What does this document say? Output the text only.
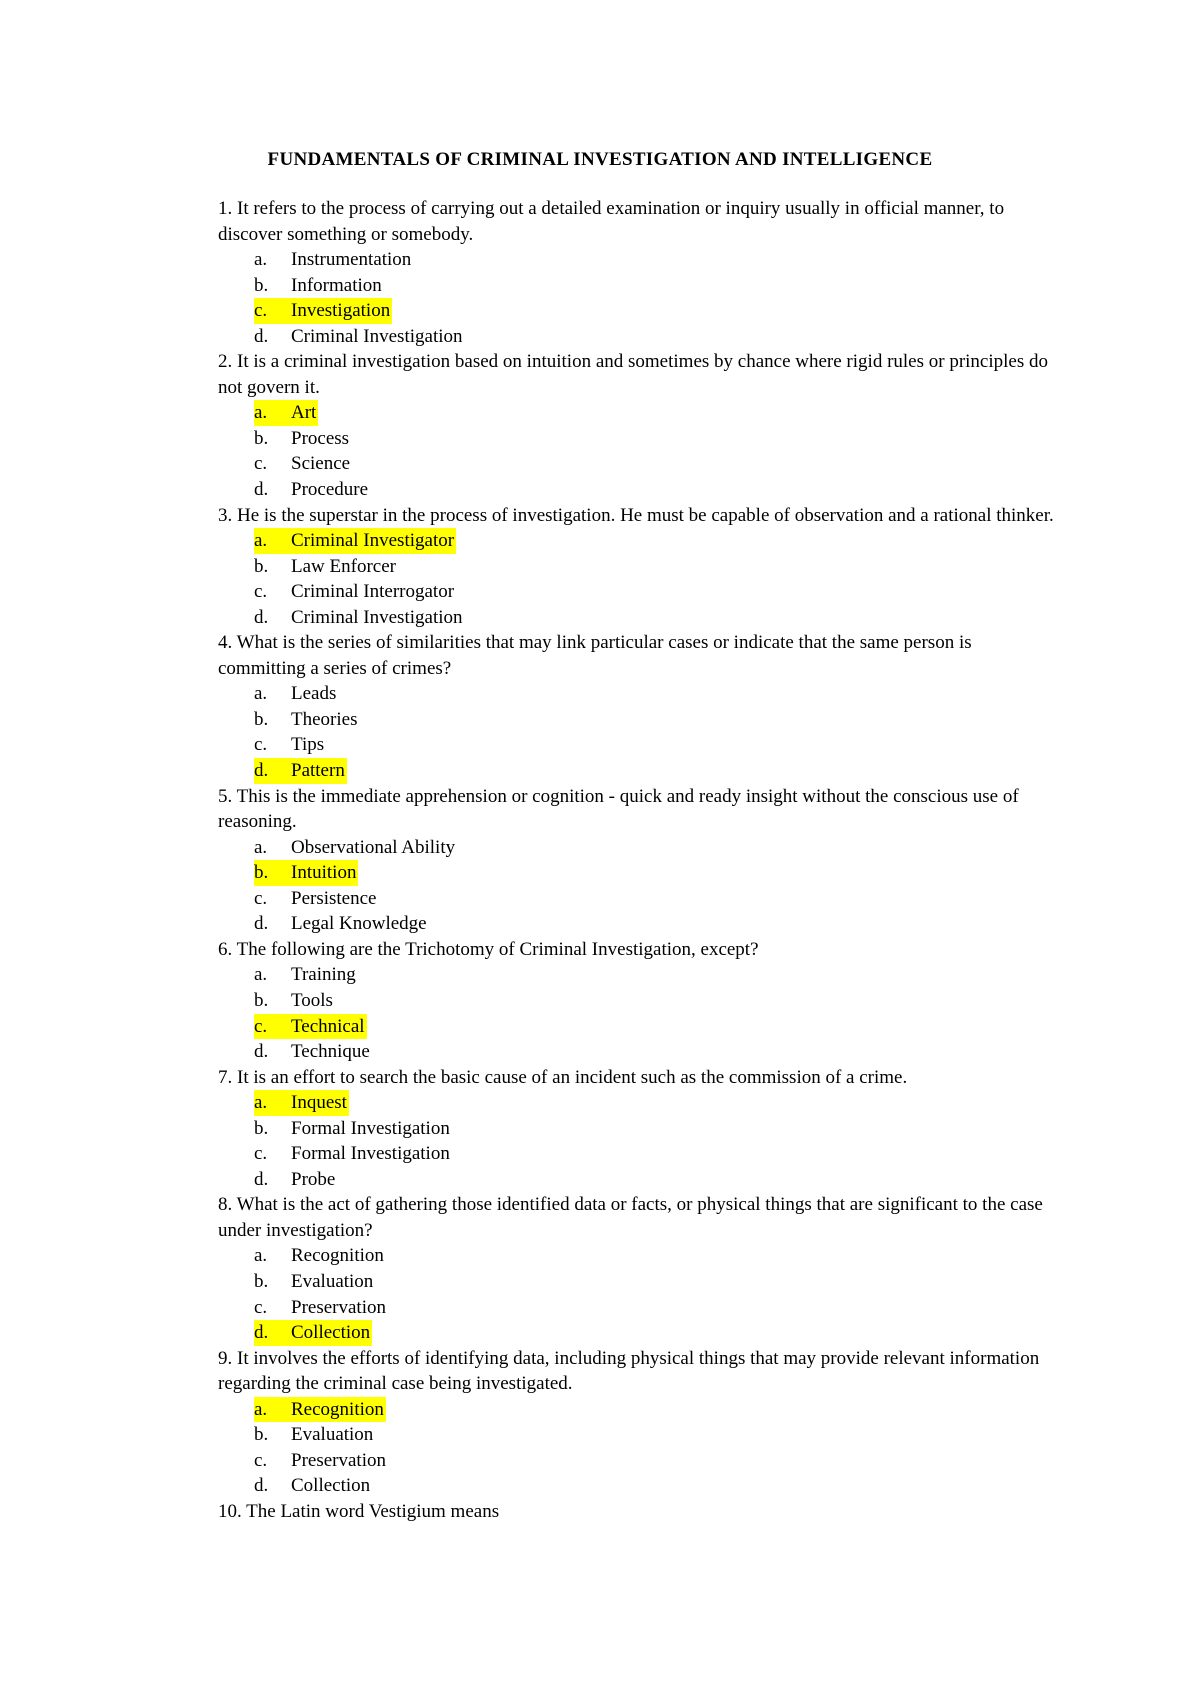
FUNDAMENTALS OF CRIMINAL INVESTIGATION AND INTELLIGENCE

1. It refers to the process of carrying out a detailed examination or inquiry usually in official manner, to discover something or somebody.

a. Instrumentation
b. Information
c. Investigation
d. Criminal Investigation

2. It is a criminal investigation based on intuition and sometimes by chance where rigid rules or principles do not govern it.

a. Art
b. Process
c. Science
d. Procedure

3. He is the superstar in the process of investigation. He must be capable of observation and a rational thinker.

a. Criminal Investigator
b. Law Enforcer
c. Criminal Interrogator
d. Criminal Investigation

4. What is the series of similarities that may link particular cases or indicate that the same person is committing a series of crimes?

a. Leads
b. Theories
c. Tips
d. Pattern

5. This is the immediate apprehension or cognition - quick and ready insight without the conscious use of reasoning.

a. Observational Ability
b. Intuition
c. Persistence
d. Legal Knowledge

6. The following are the Trichotomy of Criminal Investigation, except?

a. Training
b. Tools
c. Technical
d. Technique

7. It is an effort to search the basic cause of an incident such as the commission of a crime.

a. Inquest
b. Formal Investigation
c. Formal Investigation
d. Probe

8. What is the act of gathering those identified data or facts, or physical things that are significant to the case under investigation?

a. Recognition
b. Evaluation
c. Preservation
d. Collection

9. It involves the efforts of identifying data, including physical things that may provide relevant information regarding the criminal case being investigated.

a. Recognition
b. Evaluation
c. Preservation
d. Collection

10. The Latin word Vestigium means
